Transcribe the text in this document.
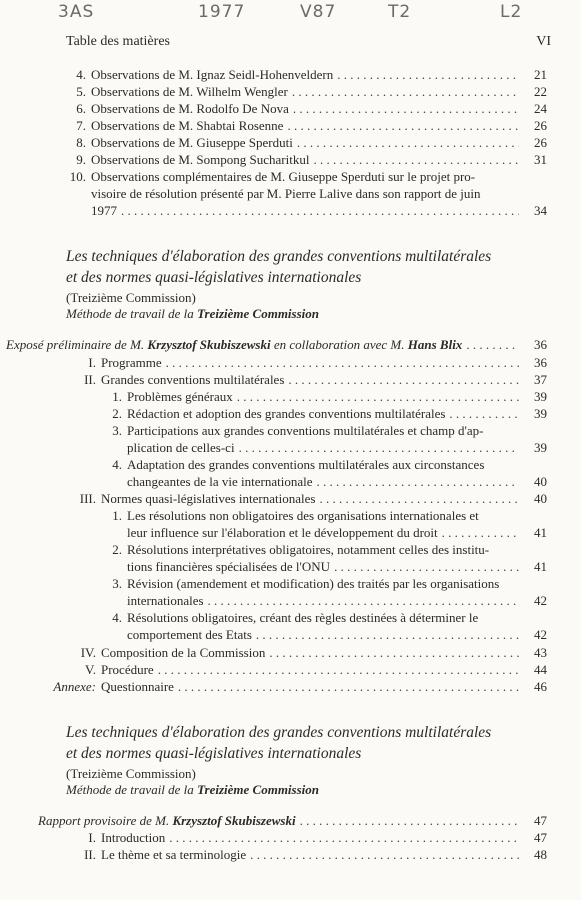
3AS	1977	V87	T2	L2
Table des matières	VI
4. Observations de M. Ignaz Seidl-Hohenveldern . . .	21
5. Observations de M. Wilhelm Wengler . . .	22
6. Observations de M. Rodolfo De Nova . . .	24
7. Observations de M. Shabtai Rosenne . . .	26
8. Observations de M. Giuseppe Sperduti . . .	26
9. Observations de M. Sompong Sucharitkul . . .	31
10. Observations complémentaires de M. Giuseppe Sperduti sur le projet pro-
visoire de résolution présenté par M. Pierre Lalive dans son rapport de juin
1977 . . .	34
Les techniques d'élaboration des grandes conventions multilatérales
et des normes quasi-législatives internationales
(Treizième Commission)
Méthode de travail de la Treizième Commission
Exposé préliminaire de M. Krzysztof Skubiszewski en collaboration avec M. Hans Blix . . .	36
I. Programme . . .	36
II. Grandes conventions multilatérales . . .	37
1. Problèmes généraux . . .	39
2. Rédaction et adoption des grandes conventions multilatérales . . .	39
3. Participations aux grandes conventions multilatérales et champ d'ap-
plication de celles-ci . . .	39
4. Adaptation des grandes conventions multilatérales aux circonstances
changeantes de la vie internationale . . .	40
III. Normes quasi-législatives internationales . . .	40
1. Les résolutions non obligatoires des organisations internationales et
leur influence sur l'élaboration et le développement du droit . . .	41
2. Résolutions interprétatives obligatoires, notamment celles des institu-
tions financières spécialisées de l'ONU . . .	41
3. Révision (amendement et modification) des traités par les organisations
internationales . . .	42
4. Résolutions obligatoires, créant des règles destinées à déterminer le
comportement des Etats . . .	42
IV. Composition de la Commission . . .	43
V. Procédure . . .	44
Annexe: Questionnaire . . .	46
Les techniques d'élaboration des grandes conventions multilatérales
et des normes quasi-législatives internationales
(Treizième Commission)
Méthode de travail de la Treizième Commission
Rapport provisoire de M. Krzysztof Skubiszewski . . .	47
I. Introduction . . .	47
II. Le thème et sa terminologie . . .	48
